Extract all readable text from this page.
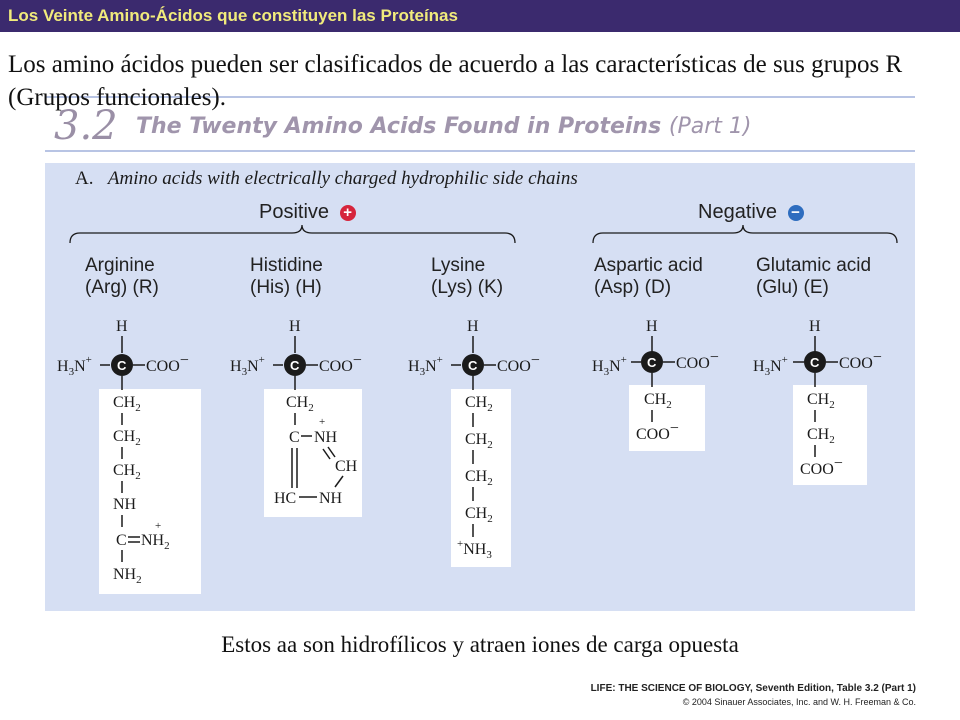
Los Veinte Amino-Ácidos que constituyen las Proteínas
3.2 The Twenty Amino Acids Found in Proteins (Part 1)
Los amino ácidos pueden ser clasificados de acuerdo a las características de sus grupos R (Grupos funcionales).
A. Amino acids with electrically charged hydrophilic side chains
Positive +	Negative −
Arginine
(Arg) (R)
Histidine
(His) (H)
Lysine
(Lys) (K)
Aspartic acid
(Asp) (D)
Glutamic acid
(Glu) (E)
H
$H_3N^+$ C COO−
$CH_2$
$CH_2$
$CH_2$
NH
C $NH_2$
+
$NH_2$
H
$H_3N^+$ C COO−
$CH_2$
C NH
+
CH
HC NH
H
$H_3N^+$ C COO−
$CH_2$
$CH_2$
$CH_2$
$CH_2$
$^+NH_3$
H
$H_3N^+$ C COO−
$CH_2$
COO−
H
$H_3N^+$ C COO−
$CH_2$
$CH_2$
COO−
Estos aa son hidrofílicos y atraen iones de carga opuesta
LIFE: THE SCIENCE OF BIOLOGY, Seventh Edition, Table 3.2 (Part 1)
© 2004 Sinauer Associates, Inc. and W. H. Freeman & Co.
